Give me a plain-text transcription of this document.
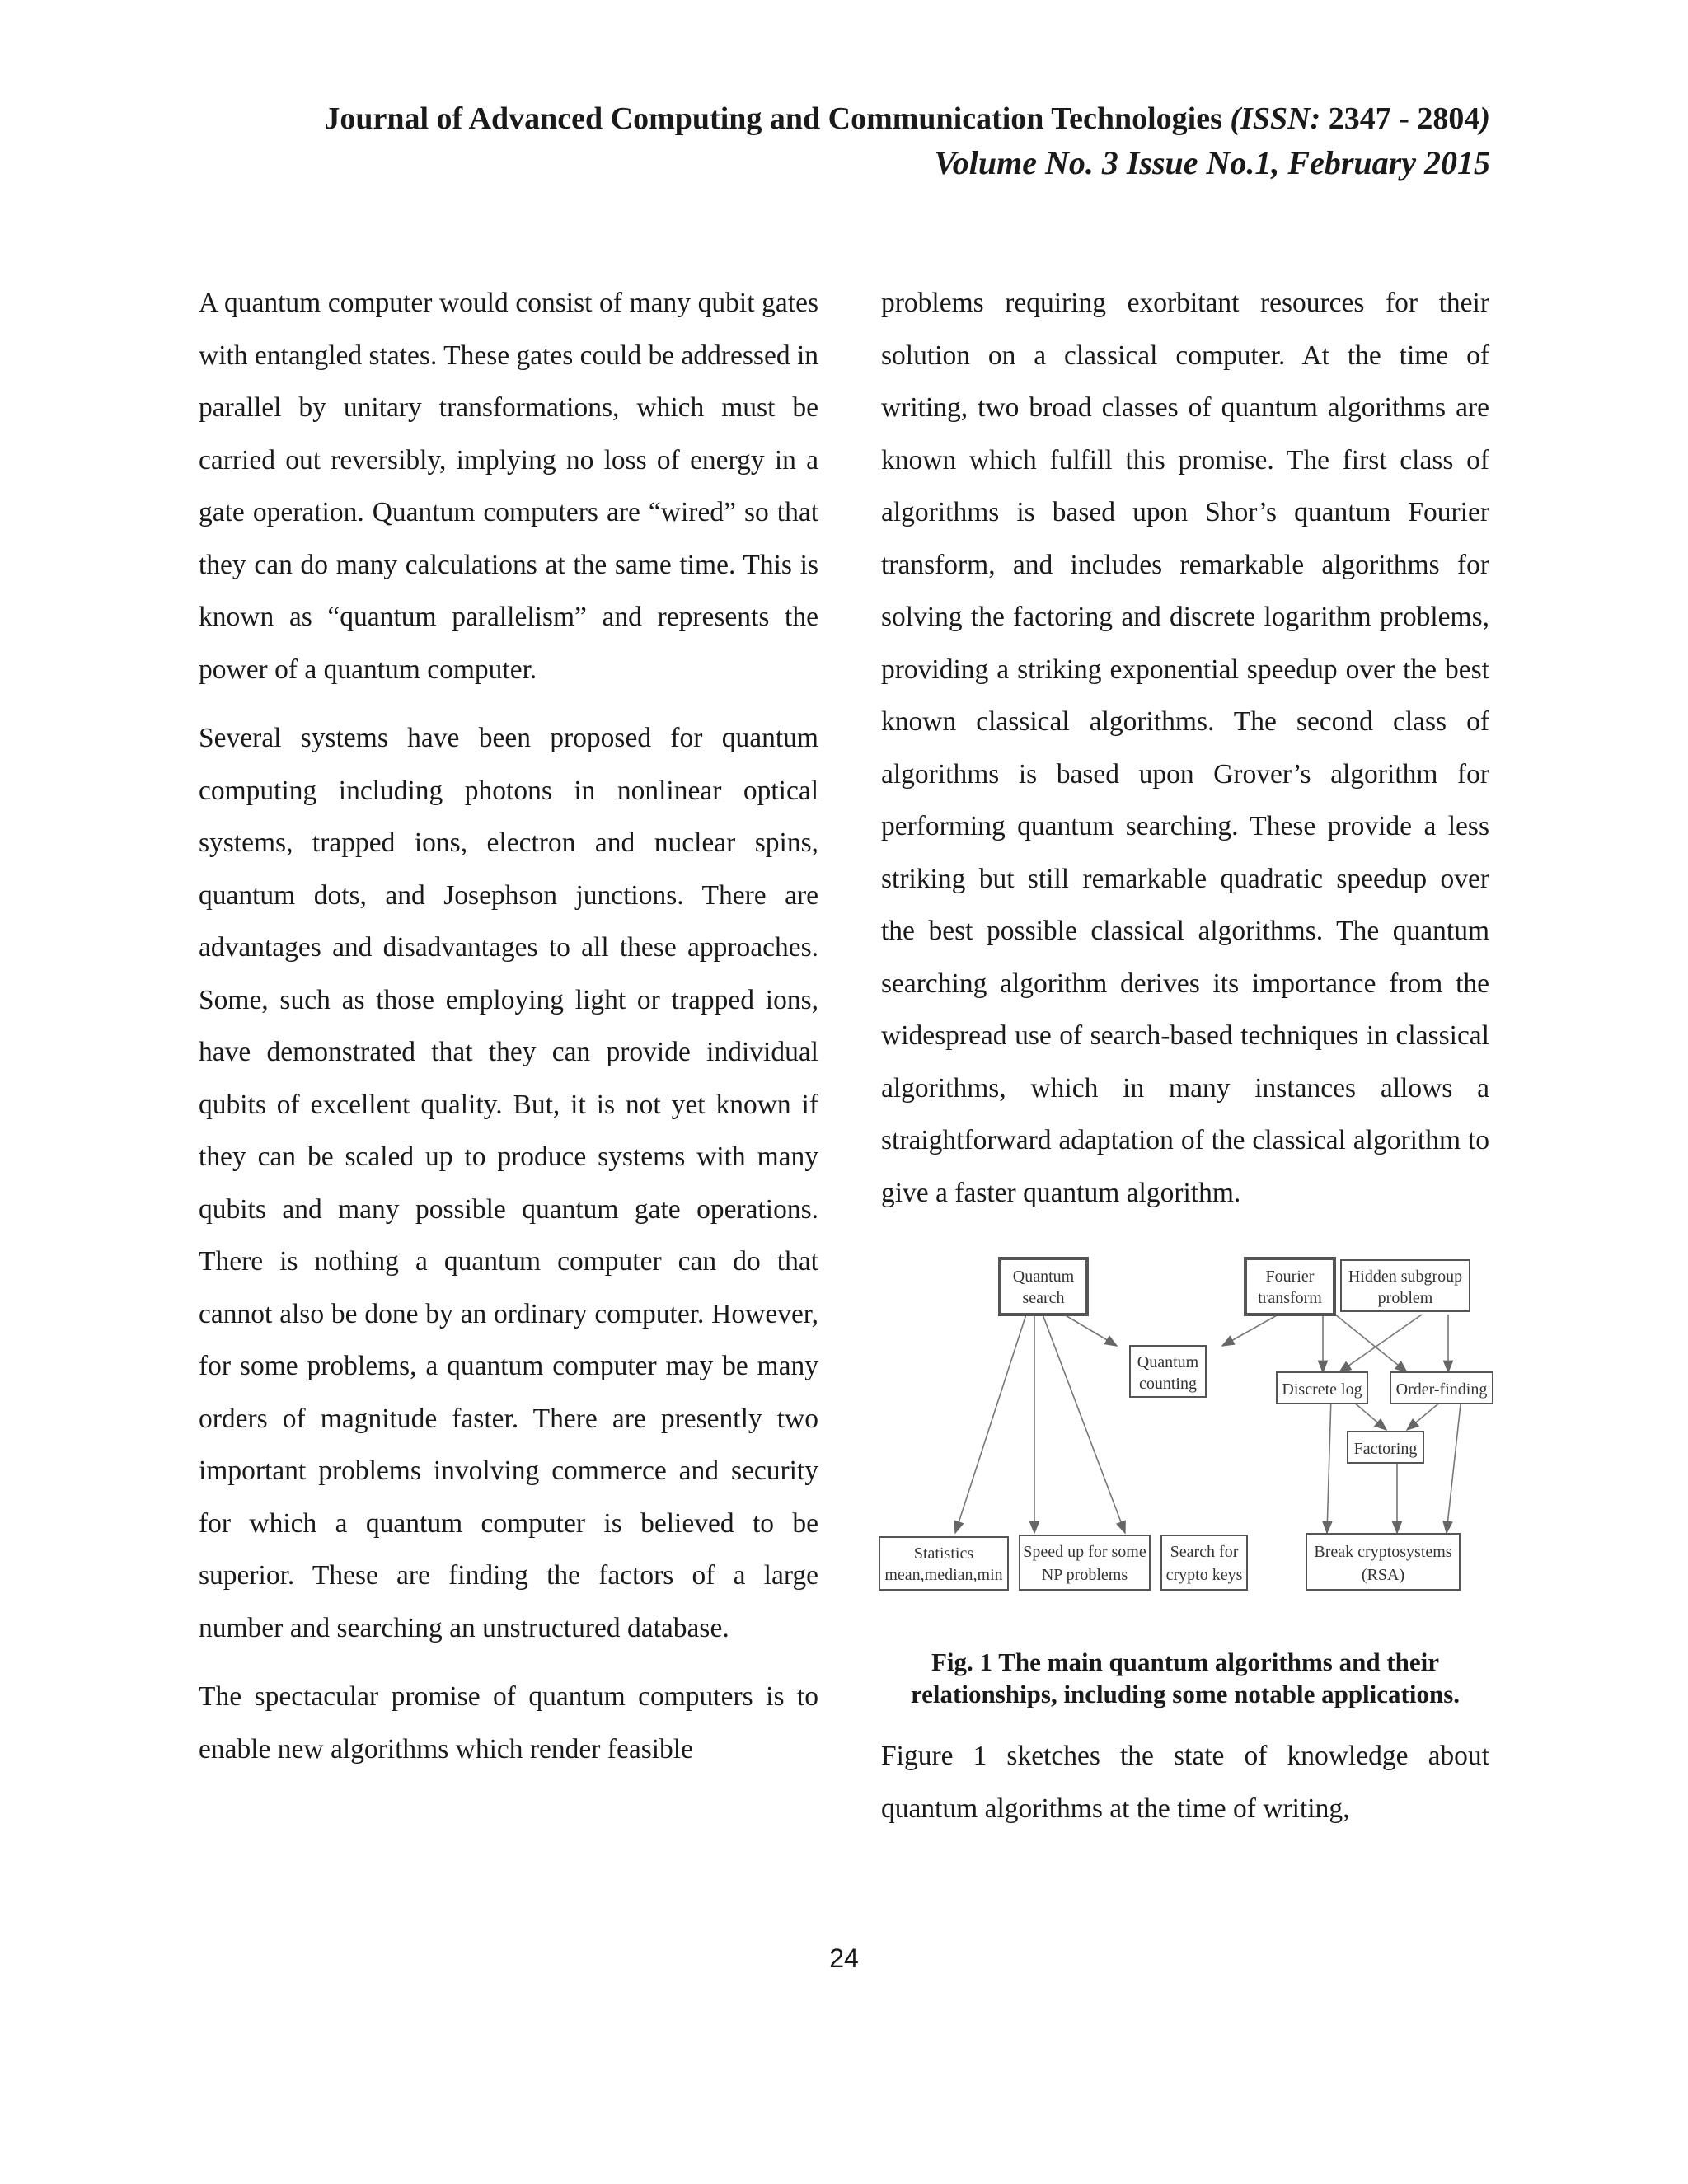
Journal of Advanced Computing and Communication Technologies (ISSN: 2347 - 2804)
Volume No. 3 Issue No.1, February 2015

A quantum computer would consist of many qubit gates with entangled states. These gates could be addressed in parallel by unitary transformations, which must be carried out reversibly, implying no loss of energy in a gate operation. Quantum computers are “wired” so that they can do many calculations at the same time. This is known as “quantum parallelism” and represents the power of a quantum computer.

Several systems have been proposed for quantum computing including photons in nonlinear optical systems, trapped ions, electron and nuclear spins, quantum dots, and Josephson junctions. There are advantages and disadvantages to all these approaches. Some, such as those employing light or trapped ions, have demonstrated that they can provide individual qubits of excellent quality. But, it is not yet known if they can be scaled up to produce systems with many qubits and many possible quantum gate operations. There is nothing a quantum computer can do that cannot also be done by an ordinary computer. However, for some problems, a quantum computer may be many orders of magnitude faster. There are presently two important problems involving commerce and security for which a quantum computer is believed to be superior. These are finding the factors of a large number and searching an unstructured database.

The spectacular promise of quantum computers is to enable new algorithms which render feasible

problems requiring exorbitant resources for their solution on a classical computer. At the time of writing, two broad classes of quantum algorithms are known which fulfill this promise. The first class of algorithms is based upon Shor’s quantum Fourier transform, and includes remarkable algorithms for solving the factoring and discrete logarithm problems, providing a striking exponential speedup over the best known classical algorithms. The second class of algorithms is based upon Grover’s algorithm for performing quantum searching. These provide a less striking but still remarkable quadratic speedup over the best possible classical algorithms. The quantum searching algorithm derives its importance from the widespread use of search-based techniques in classical algorithms, which in many instances allows a straightforward adaptation of the classical algorithm to give a faster quantum algorithm.

Quantum
search
Fourier
transform
Hidden subgroup
problem
Quantum
counting	Discrete log Order-finding
Factoring
Statistics
mean,median,min
Speed up for some
NP problems
Search for
crypto keys
Break cryptosystems
(RSA)
Fig. 1 The main quantum algorithms and their
relationships, including some notable applications.

Figure 1 sketches the state of knowledge about quantum algorithms at the time of writing,

24
